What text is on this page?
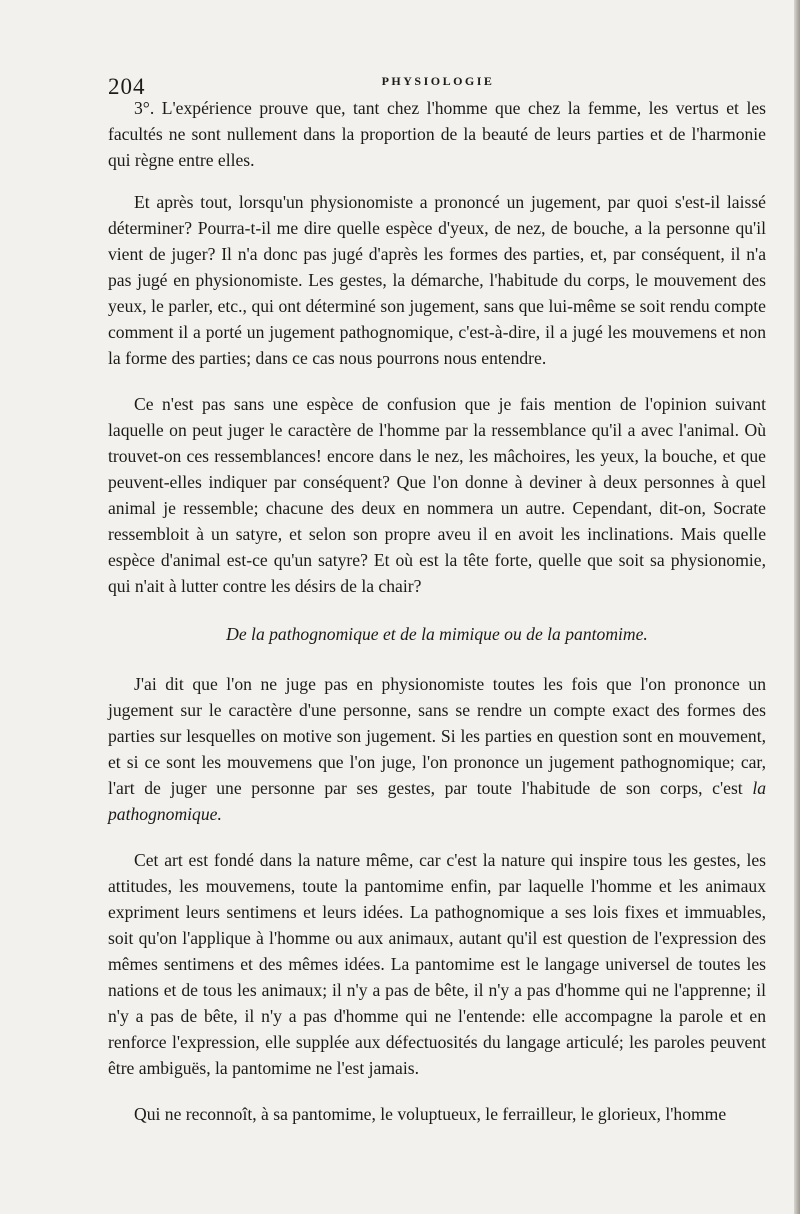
204	PHYSIOLOGIE

3°. L'expérience prouve que, tant chez l'homme que chez la femme, les vertus et les facultés ne sont nullement dans la proportion de la beauté de leurs parties et de l'harmonie qui règne entre elles.

Et après tout, lorsqu'un physionomiste a prononcé un jugement, par quoi s'est-il laissé déterminer? Pourra-t-il me dire quelle espèce d'yeux, de nez, de bouche, a la personne qu'il vient de juger? Il n'a donc pas jugé d'après les formes des parties, et, par conséquent, il n'a pas jugé en physionomiste. Les gestes, la démarche, l'habitude du corps, le mouvement des yeux, le parler, etc., qui ont déterminé son jugement, sans que lui-même se soit rendu compte comment il a porté un jugement pathognomique, c'est-à-dire, il a jugé les mouvemens et non la forme des parties; dans ce cas nous pourrons nous entendre.

Ce n'est pas sans une espèce de confusion que je fais mention de l'opinion suivant laquelle on peut juger le caractère de l'homme par la ressemblance qu'il a avec l'animal. Où trouvet-on ces ressemblances! encore dans le nez, les mâchoires, les yeux, la bouche, et que peuvent-elles indiquer par conséquent? Que l'on donne à deviner à deux personnes à quel animal je ressemble; chacune des deux en nommera un autre. Cependant, dit-on, Socrate ressembloit à un satyre, et selon son propre aveu il en avoit les inclinations. Mais quelle espèce d'animal est-ce qu'un satyre? Et où est la tête forte, quelle que soit sa physionomie, qui n'ait à lutter contre les désirs de la chair?

De la pathognomique et de la mimique ou de la pantomime.

J'ai dit que l'on ne juge pas en physionomiste toutes les fois que l'on prononce un jugement sur le caractère d'une personne, sans se rendre un compte exact des formes des parties sur lesquelles on motive son jugement. Si les parties en question sont en mouvement, et si ce sont les mouvemens que l'on juge, l'on prononce un jugement pathognomique; car, l'art de juger une personne par ses gestes, par toute l'habitude de son corps, c'est la pathognomique.

Cet art est fondé dans la nature même, car c'est la nature qui inspire tous les gestes, les attitudes, les mouvemens, toute la pantomime enfin, par laquelle l'homme et les animaux expriment leurs sentimens et leurs idées. La pathognomique a ses lois fixes et immuables, soit qu'on l'applique à l'homme ou aux animaux, autant qu'il est question de l'expression des mêmes sentimens et des mêmes idées. La pantomime est le langage universel de toutes les nations et de tous les animaux; il n'y a pas de bête, il n'y a pas d'homme qui ne l'apprenne; il n'y a pas de bête, il n'y a pas d'homme qui ne l'entende: elle accompagne la parole et en renforce l'expression, elle supplée aux défectuosités du langage articulé; les paroles peuvent être ambiguës, la pantomime ne l'est jamais.

Qui ne reconnoît, à sa pantomime, le voluptueux, le ferrailleur, le glorieux, l'homme
